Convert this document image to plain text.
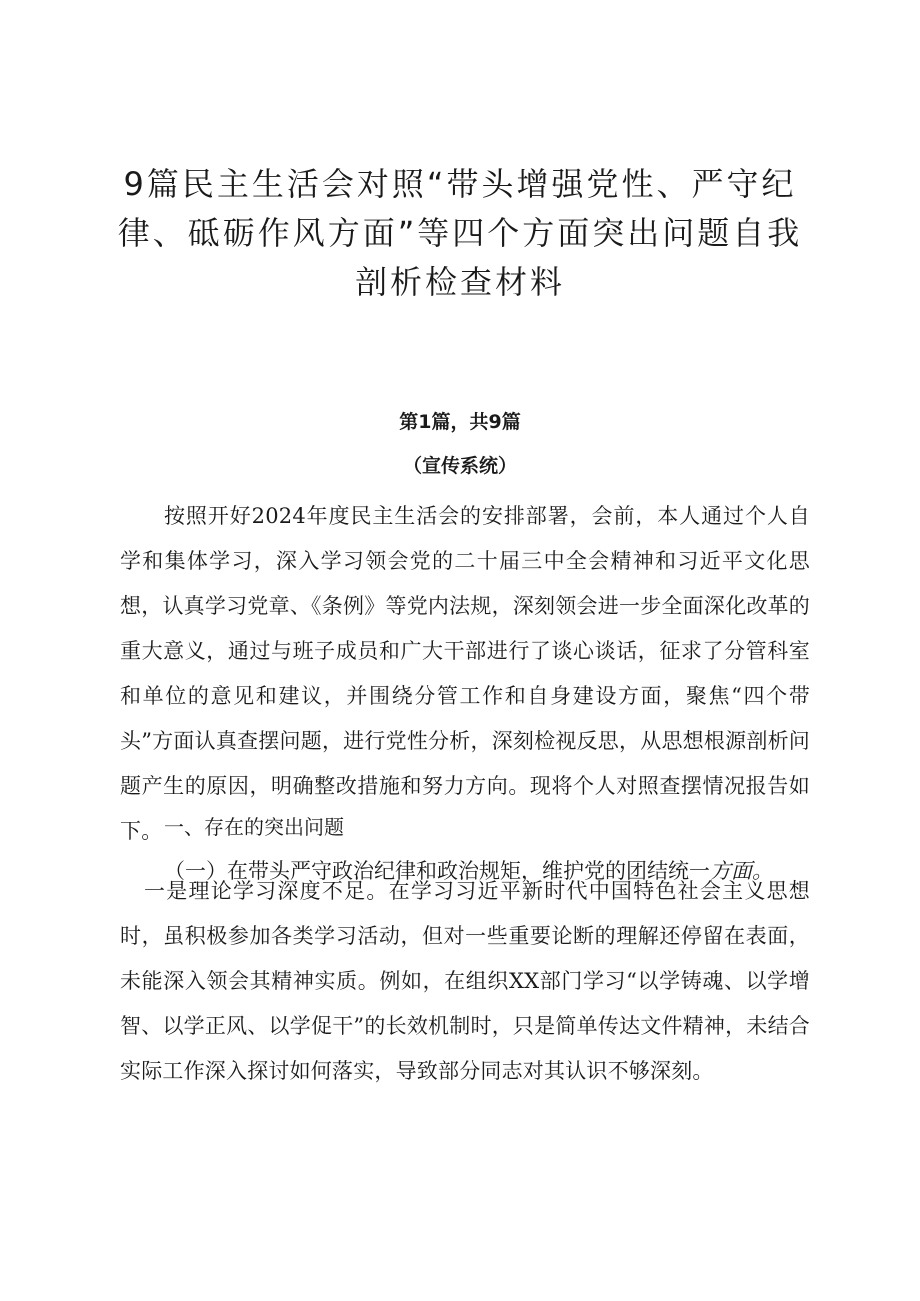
9篇民主生活会对照“带头增强党性、严守纪律、砥砺作风方面”等四个方面突出问题自我剖析检查材料

第1篇，共9篇

（宣传系统）

按照开好2024年度民主生活会的安排部署，会前，本人通过个人自学和集体学习，深入学习领会党的二十届三中全会精神和习近平文化思想，认真学习党章、《条例》等党内法规，深刻领会进一步全面深化改革的重大意义，通过与班子成员和广大干部进行了谈心谈话，征求了分管科室和单位的意见和建议，并围绕分管工作和自身建设方面，聚焦“四个带头”方面认真查摆问题，进行党性分析，深刻检视反思，从思想根源剖析问题产生的原因，明确整改措施和努力方向。现将个人对照查摆情况报告如下。 一、存在的突出问题

（一）在带头严守政治纪律和政治规矩，维护党的团结统一方面。

一是理论学习深度不足。在学习习近平新时代中国特色社会主义思想时，虽积极参加各类学习活动，但对一些重要论断的理解还停留在表面，未能深入领会其精神实质。例如，在组织XX部门学习“以学铸魂、以学增智、以学正风、以学促干”的长效机制时，只是简单传达文件精神，未结合实际工作深入探讨如何落实，导致部分同志对其认识不够深刻。
